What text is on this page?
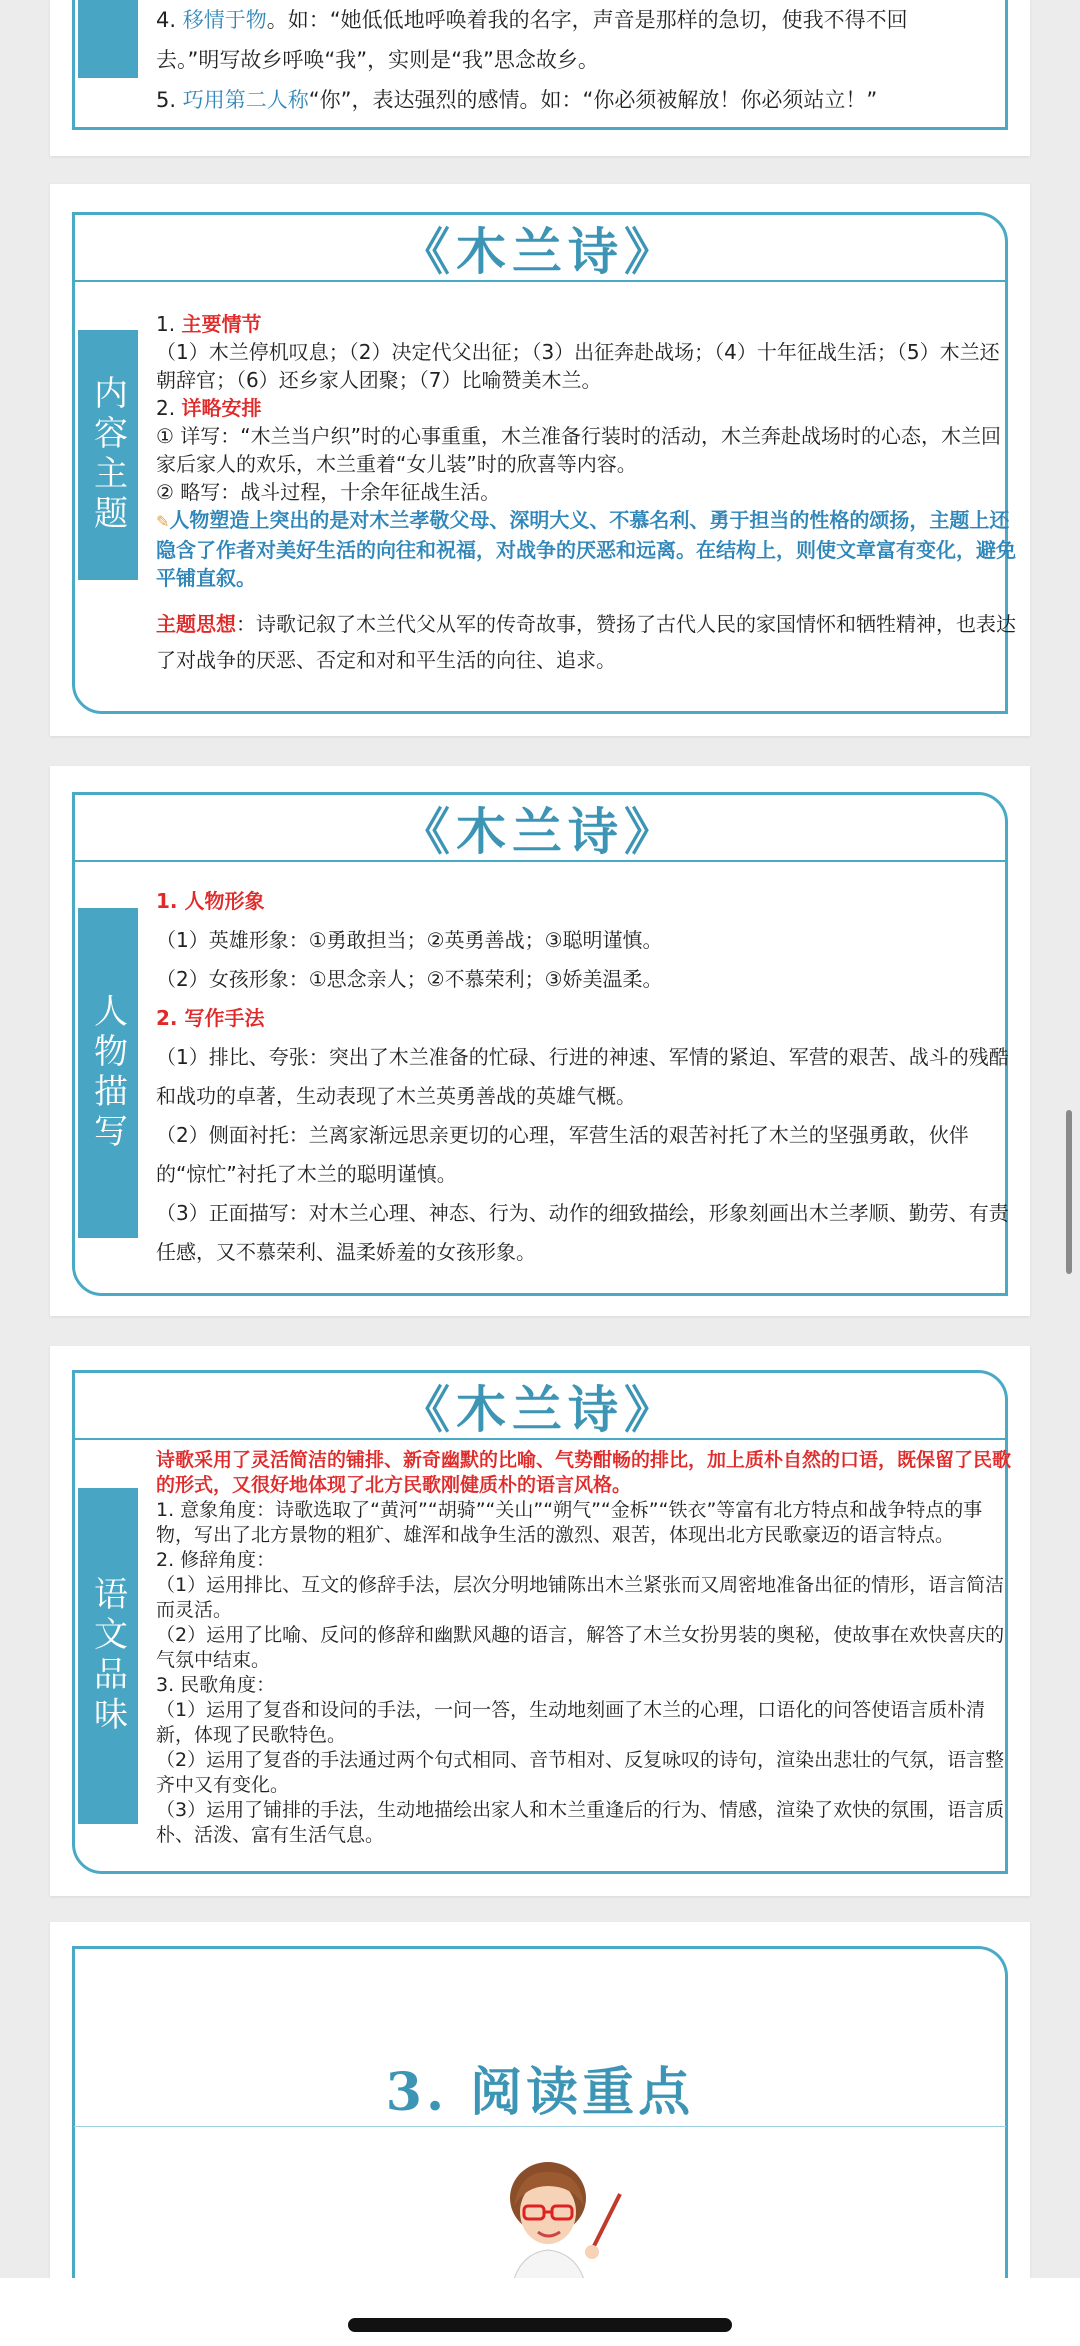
4. 移情于物。如：“她低低地呼唤着我的名字，声音是那样的急切，使我不得不回

去。”明写故乡呼唤“我”，实则是“我”思念故乡。

5. 巧用第二人称“你”，表达强烈的感情。如：“你必须被解放！你必须站立！”

《木兰诗》
内容主题

1. 主要情节

（1）木兰停机叹息；（2）决定代父出征；（3）出征奔赴战场；（4）十年征战生活；（5）木兰还朝辞官；（6）还乡家人团聚；（7）比喻赞美木兰。

2. 详略安排

① 详写：“木兰当户织”时的心事重重，木兰准备行装时的活动，木兰奔赴战场时的心态，木兰回家后家人的欢乐，木兰重着“女儿装”时的欣喜等内容。

② 略写：战斗过程，十余年征战生活。

✎人物塑造上突出的是对木兰孝敬父母、深明大义、不慕名利、勇于担当的性格的颂扬，主题上还隐含了作者对美好生活的向往和祝福，对战争的厌恶和远离。在结构上，则使文章富有变化，避免平铺直叙。

主题思想：诗歌记叙了木兰代父从军的传奇故事，赞扬了古代人民的家国情怀和牺牲精神，也表达了对战争的厌恶、否定和对和平生活的向往、追求。

《木兰诗》
人物描写

1. 人物形象

（1）英雄形象：①勇敢担当；②英勇善战；③聪明谨慎。

（2）女孩形象：①思念亲人；②不慕荣利；③娇美温柔。

2. 写作手法

（1）排比、夸张：突出了木兰准备的忙碌、行进的神速、军情的紧迫、军营的艰苦、战斗的残酷和战功的卓著，生动表现了木兰英勇善战的英雄气概。

（2）侧面衬托：兰离家渐远思亲更切的心理，军营生活的艰苦衬托了木兰的坚强勇敢，伙伴的“惊忙”衬托了木兰的聪明谨慎。

（3）正面描写：对木兰心理、神态、行为、动作的细致描绘，形象刻画出木兰孝顺、勤劳、有责任感，又不慕荣利、温柔娇羞的女孩形象。

《木兰诗》
语文品味

诗歌采用了灵活简洁的铺排、新奇幽默的比喻、气势酣畅的排比，加上质朴自然的口语，既保留了民歌的形式，又很好地体现了北方民歌刚健质朴的语言风格。

1. 意象角度：诗歌选取了“黄河”“胡骑”“关山”“朔气”“金柝”“铁衣”等富有北方特点和战争特点的事物，写出了北方景物的粗犷、雄浑和战争生活的激烈、艰苦，体现出北方民歌豪迈的语言特点。

2. 修辞角度：

（1）运用排比、互文的修辞手法，层次分明地铺陈出木兰紧张而又周密地准备出征的情形，语言简洁而灵活。

（2）运用了比喻、反问的修辞和幽默风趣的语言，解答了木兰女扮男装的奥秘，使故事在欢快喜庆的气氛中结束。

3. 民歌角度：

（1）运用了复沓和设问的手法，一问一答，生动地刻画了木兰的心理，口语化的问答使语言质朴清新，体现了民歌特色。

（2）运用了复沓的手法通过两个句式相同、音节相对、反复咏叹的诗句，渲染出悲壮的气氛，语言整齐中又有变化。

（3）运用了铺排的手法，生动地描绘出家人和木兰重逢后的行为、情感，渲染了欢快的氛围，语言质朴、活泼、富有生活气息。

3. 阅读重点
